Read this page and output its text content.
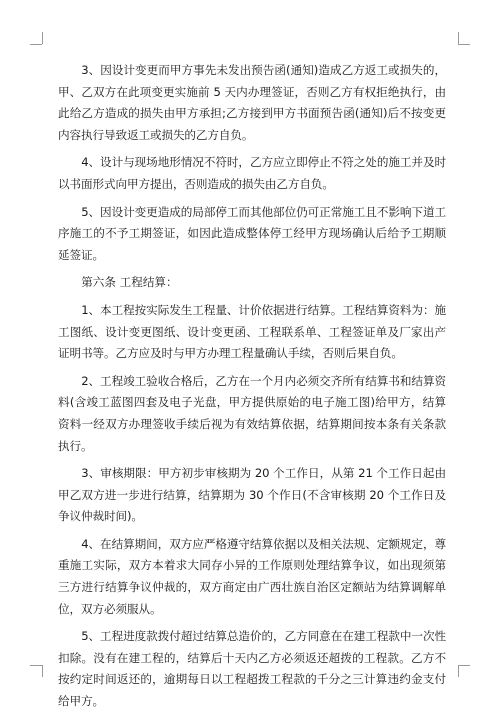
3、因设计变更而甲方事先未发出预告函(通知)造成乙方返工或损失的，甲、乙双方在此项变更实施前 5 天内办理签证，否则乙方有权拒绝执行，由此给乙方造成的损失由甲方承担;乙方接到甲方书面预告函(通知)后不按变更内容执行导致返工或损失的乙方自负。

4、设计与现场地形情况不符时，乙方应立即停止不符之处的施工并及时以书面形式向甲方提出，否则造成的损失由乙方自负。

5、因设计变更造成的局部停工而其他部位仍可正常施工且不影响下道工序施工的不予工期签证，如因此造成整体停工经甲方现场确认后给予工期顺延签证。

第六条 工程结算：

1、本工程按实际发生工程量、计价依据进行结算。工程结算资料为：施工图纸、设计变更图纸、设计变更函、工程联系单、工程签证单及厂家出产证明书等。乙方应及时与甲方办理工程量确认手续，否则后果自负。

2、工程竣工验收合格后，乙方在一个月内必须交齐所有结算书和结算资料(含竣工蓝图四套及电子光盘，甲方提供原始的电子施工图)给甲方，结算资料一经双方办理签收手续后视为有效结算依据，结算期间按本条有关条款执行。

3、审核期限：甲方初步审核期为 20 个工作日，从第 21 个工作日起由甲乙双方进一步进行结算，结算期为 30 个作日(不含审核期 20 个工作日及争议仲裁时间)。

4、在结算期间，双方应严格遵守结算依据以及相关法规、定额规定，尊重施工实际，双方本着求大同存小异的工作原则处理结算争议，如出现须第三方进行结算争议仲裁的，双方商定由广西壮族自治区定额站为结算调解单位，双方必须服从。

5、工程进度款拨付超过结算总造价的，乙方同意在在建工程款中一次性扣除。没有在建工程的，结算后十天内乙方必须返还超拨的工程款。乙方不按约定时间返还的，逾期每日以工程超拨工程款的千分之三计算违约金支付给甲方。
